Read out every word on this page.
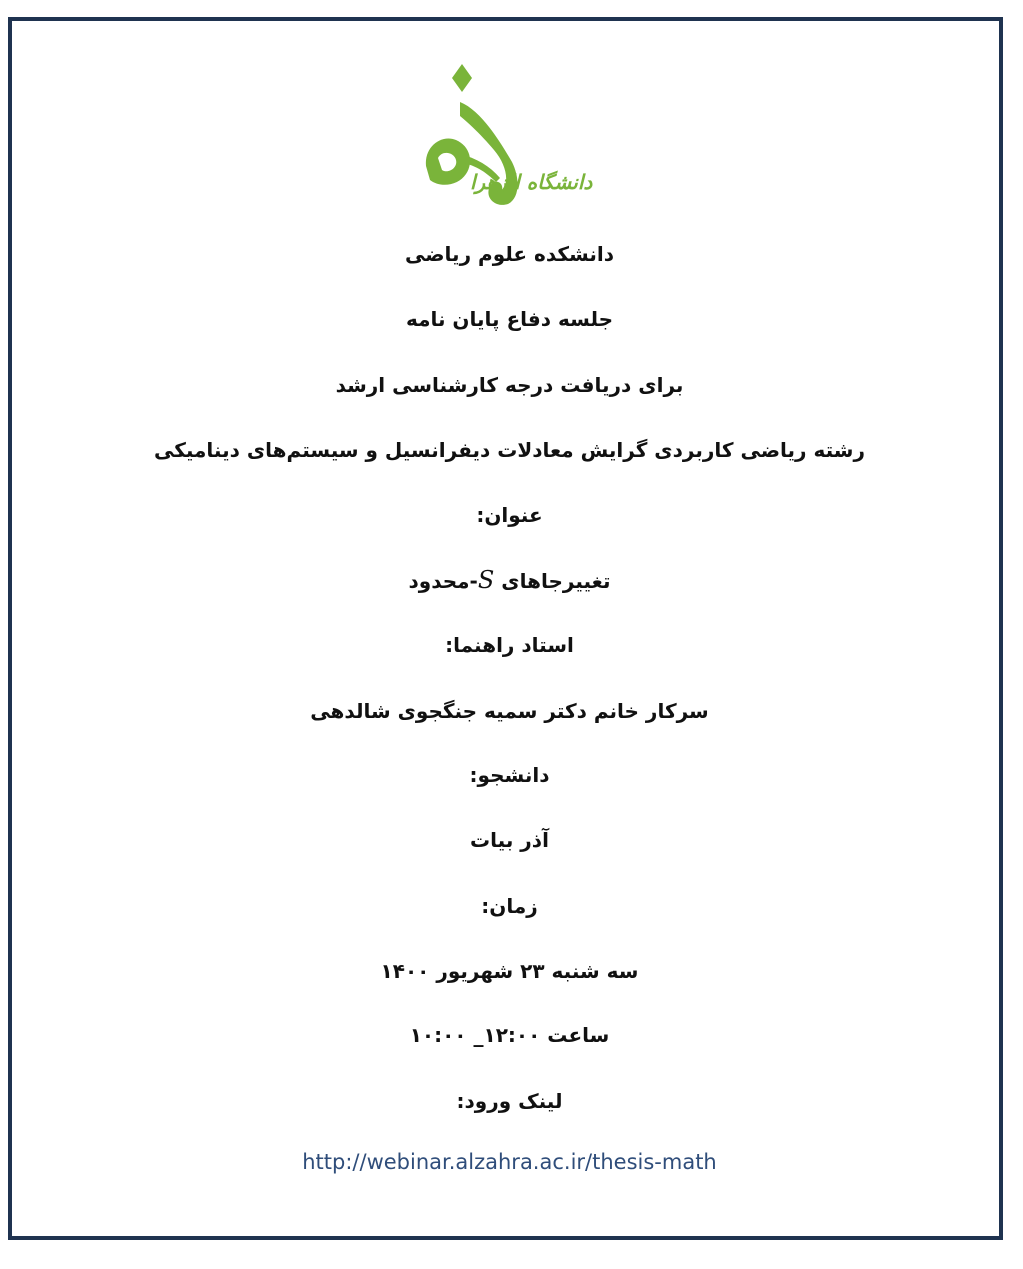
دانشگاه الزهرا
دانشکده علوم ریاضی
جلسه دفاع پایان نامه
برای دریافت درجه کارشناسی ارشد
رشته ریاضی کاربردی گرایش معادلات دیفرانسیل و سیستم‌های دینامیکی
عنوان:
تغییرجاهای S-محدود
استاد راهنما:
سرکار خانم دکتر سمیه جنگجوی شالدهی
دانشجو:
آذر بیات
زمان:
سه شنبه ۲۳ شهریور ۱۴۰۰
ساعت ۱۲:۰۰_ ۱۰:۰۰
لینک ورود:
http://webinar.alzahra.ac.ir/thesis-math
